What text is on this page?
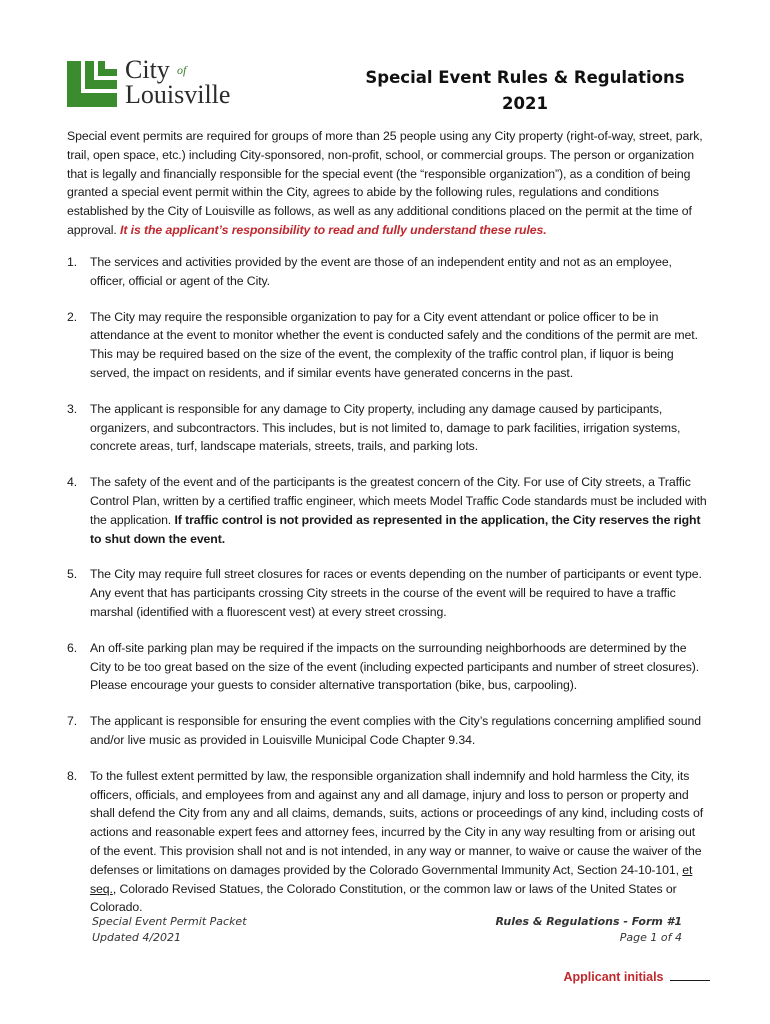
City of
Louisville
Special Event Rules & Regulations
2021

Special event permits are required for groups of more than 25 people using any City property (right-of-way, street, park, trail, open space, etc.) including City-sponsored, non-profit, school, or commercial groups. The person or organization that is legally and financially responsible for the special event (the “responsible organization”), as a condition of being granted a special event permit within the City, agrees to abide by the following rules, regulations and conditions established by the City of Louisville as follows, as well as any additional conditions placed on the permit at the time of approval. It is the applicant’s responsibility to read and fully understand these rules.

1. The services and activities provided by the event are those of an independent entity and not as an employee, officer, official or agent of the City.
2. The City may require the responsible organization to pay for a City event attendant or police officer to be in attendance at the event to monitor whether the event is conducted safely and the conditions of the permit are met. This may be required based on the size of the event, the complexity of the traffic control plan, if liquor is being served, the impact on residents, and if similar events have generated concerns in the past.
3. The applicant is responsible for any damage to City property, including any damage caused by participants, organizers, and subcontractors. This includes, but is not limited to, damage to park facilities, irrigation systems, concrete areas, turf, landscape materials, streets, trails, and parking lots.
4. The safety of the event and of the participants is the greatest concern of the City. For use of City streets, a Traffic Control Plan, written by a certified traffic engineer, which meets Model Traffic Code standards must be included with the application. If traffic control is not provided as represented in the application, the City reserves the right to shut down the event.
5. The City may require full street closures for races or events depending on the number of participants or event type. Any event that has participants crossing City streets in the course of the event will be required to have a traffic marshal (identified with a fluorescent vest) at every street crossing.
6. An off-site parking plan may be required if the impacts on the surrounding neighborhoods are determined by the City to be too great based on the size of the event (including expected participants and number of street closures). Please encourage your guests to consider alternative transportation (bike, bus, carpooling).
7. The applicant is responsible for ensuring the event complies with the City’s regulations concerning amplified sound and/or live music as provided in Louisville Municipal Code Chapter 9.34.
8. To the fullest extent permitted by law, the responsible organization shall indemnify and hold harmless the City, its officers, officials, and employees from and against any and all damage, injury and loss to person or property and shall defend the City from any and all claims, demands, suits, actions or proceedings of any kind, including costs of actions and reasonable expert fees and attorney fees, incurred by the City in any way resulting from or arising out of the event. This provision shall not and is not intended, in any way or manner, to waive or cause the waiver of the defenses or limitations on damages provided by the Colorado Governmental Immunity Act, Section 24-10-101, et seq., Colorado Revised Statues, the Colorado Constitution, or the common law or laws of the United States or Colorado.
Special Event Permit Packet
Updated 4/2021
Rules & Regulations - Form #1
Page 1 of 4
Applicant initials
